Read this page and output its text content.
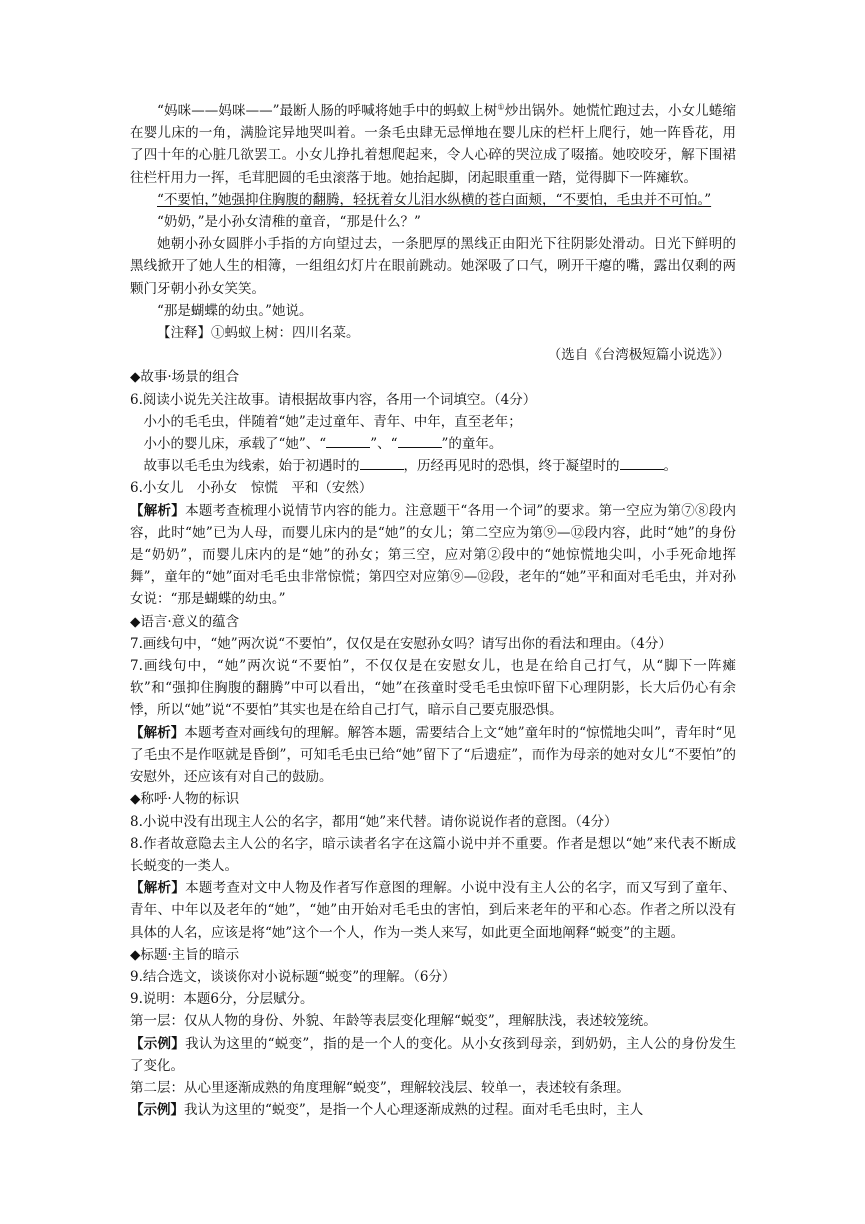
“妈咪——妈咪——”最断人肠的呼喊将她手中的蚂蚁上树①炒出锅外。她慌忙跑过去，小女儿蜷缩在婴儿床的一角，满脸诧异地哭叫着。一条毛虫肆无忌惮地在婴儿床的栏杆上爬行，她一阵昏花，用了四十年的心脏几欲罢工。小女儿挣扎着想爬起来，令人心碎的哭泣成了啜搐。她咬咬牙，解下围裙往栏杆用力一挥，毛茸肥圆的毛虫滚落于地。她抬起脚，闭起眼重重一踏，觉得脚下一阵瘫软。

“不要怕，”她强抑住胸腹的翻腾，轻抚着女儿泪水纵横的苍白面颊，“不要怕，毛虫并不可怕。”

“奶奶，”是小孙女清稚的童音，“那是什么？”

她朝小孙女圆胖小手指的方向望过去，一条肥厚的黑线正由阳光下往阴影处滑动。日光下鲜明的黑线掀开了她人生的相簿，一组组幻灯片在眼前跳动。她深吸了口气，咧开干瘪的嘴，露出仅剩的两颗门牙朝小孙女笑笑。

“那是蝴蝶的幼虫。”她说。

【注释】①蚂蚁上树：四川名菜。

（选自《台湾极短篇小说选》）

◆故事·场景的组合

6.阅读小说先关注故事。请根据故事内容，各用一个词填空。（4分）

小小的毛毛虫，伴随着“她”走过童年、青年、中年，直至老年；

小小的婴儿床，承载了“她”、“	”、“	”的童年。

故事以毛毛虫为线索，始于初遇时的	，历经再见时的恐惧，终于凝望时的	。

6.小女儿　小孙女　惊慌　平和（安然）

【解析】本题考查梳理小说情节内容的能力。注意题干“各用一个词”的要求。第一空应为第⑦⑧段内容，此时“她”已为人母，而婴儿床内的是“她”的女儿；第二空应为第⑨—⑫段内容，此时“她”的身份是“奶奶”，而婴儿床内的是“她”的孙女；第三空，应对第②段中的“她惊慌地尖叫，小手死命地挥舞”，童年的“她”面对毛毛虫非常惊慌；第四空对应第⑨—⑫段，老年的“她”平和面对毛毛虫，并对孙女说：“那是蝴蝶的幼虫。”

◆语言·意义的蕴含

7.画线句中，“她”两次说“不要怕”，仅仅是在安慰孙女吗？请写出你的看法和理由。（4分）

7.画线句中，“她”两次说“不要怕”，不仅仅是在安慰女儿，也是在给自己打气，从“脚下一阵瘫软”和“强抑住胸腹的翻腾”中可以看出，“她”在孩童时受毛毛虫惊吓留下心理阴影，长大后仍心有余悸，所以“她”说“不要怕”其实也是在给自己打气，暗示自己要克服恐惧。

【解析】本题考查对画线句的理解。解答本题，需要结合上文“她”童年时的“惊慌地尖叫”，青年时“见了毛虫不是作呕就是昏倒”，可知毛毛虫已给“她”留下了“后遗症”，而作为母亲的她对女儿“不要怕”的安慰外，还应该有对自己的鼓励。

◆称呼·人物的标识

8.小说中没有出现主人公的名字，都用“她”来代替。请你说说作者的意图。（4分）

8.作者故意隐去主人公的名字，暗示读者名字在这篇小说中并不重要。作者是想以“她”来代表不断成长蜕变的一类人。

【解析】本题考查对文中人物及作者写作意图的理解。小说中没有主人公的名字，而又写到了童年、青年、中年以及老年的“她”，“她”由开始对毛毛虫的害怕，到后来老年的平和心态。作者之所以没有具体的人名，应该是将“她”这个一个人，作为一类人来写，如此更全面地阐释“蜕变”的主题。

◆标题·主旨的暗示

9.结合选文，谈谈你对小说标题“蜕变”的理解。（6分）

9.说明：本题6分，分层赋分。

第一层：仅从人物的身份、外貌、年龄等表层变化理解“蜕变”，理解肤浅，表述较笼统。

【示例】我认为这里的“蜕变”，指的是一个人的变化。从小女孩到母亲，到奶奶，主人公的身份发生了变化。

第二层：从心里逐渐成熟的角度理解“蜕变”，理解较浅层、较单一，表述较有条理。

【示例】我认为这里的“蜕变”，是指一个人心理逐渐成熟的过程。面对毛毛虫时，主人
